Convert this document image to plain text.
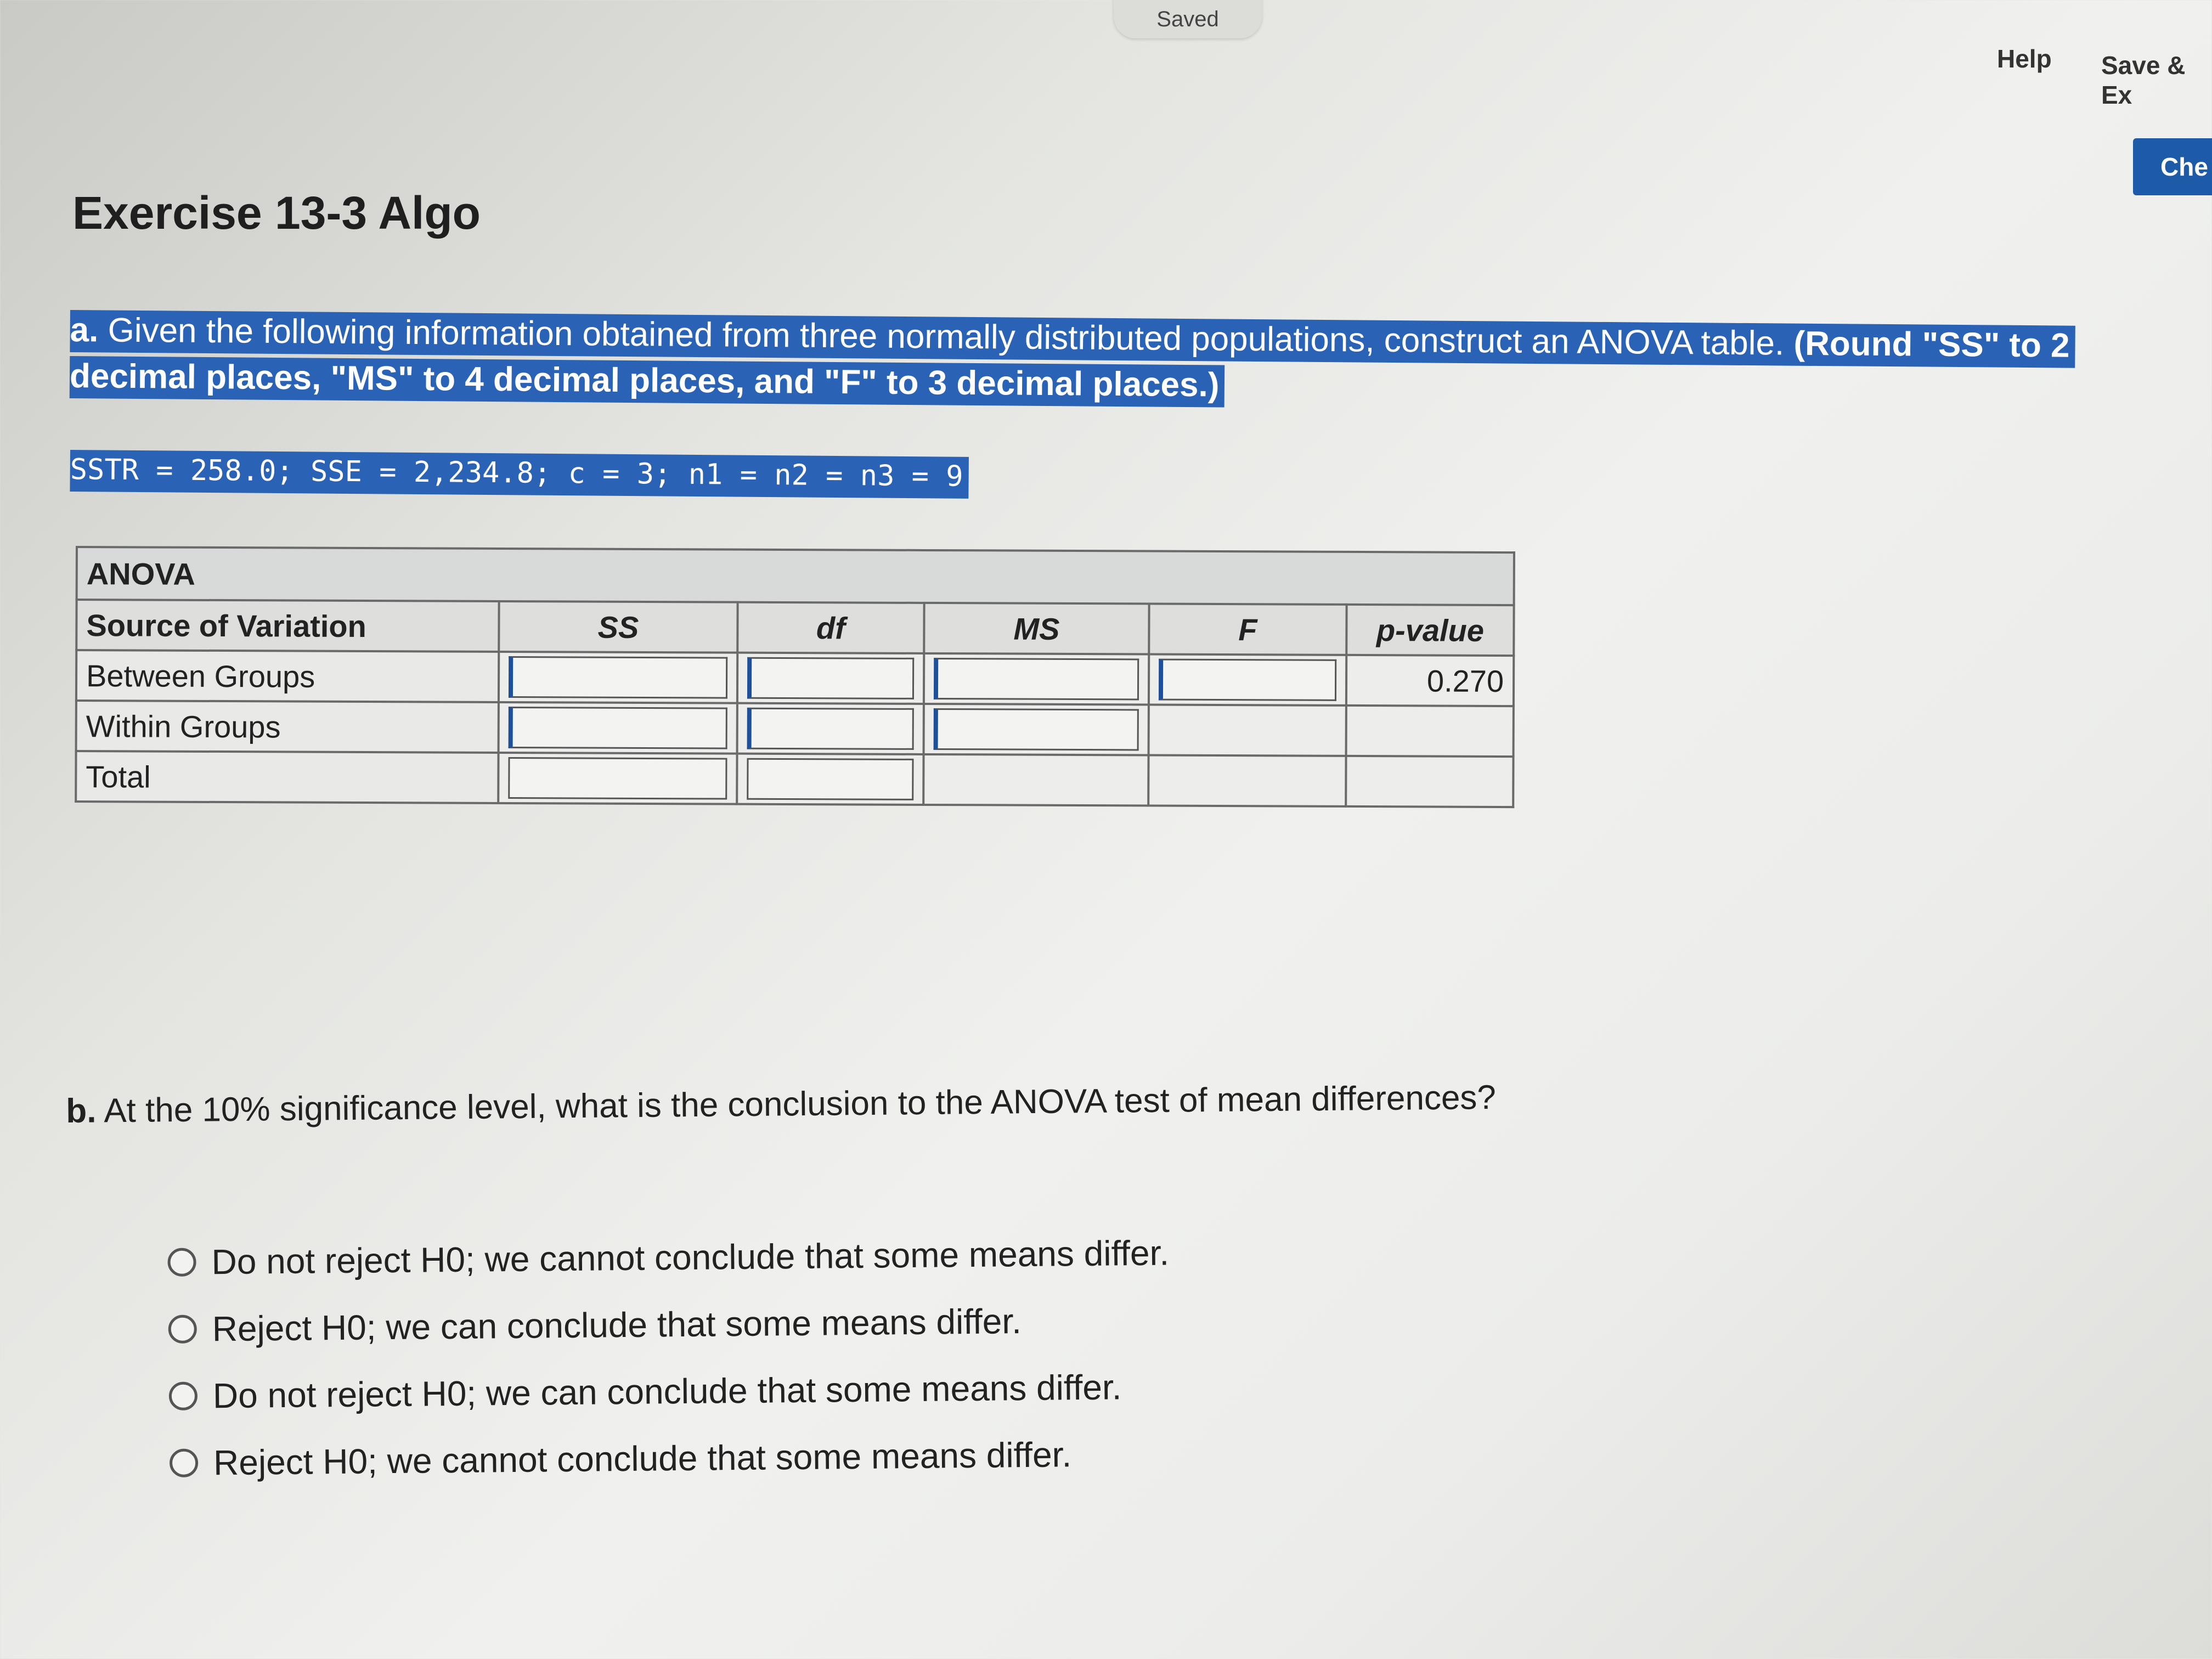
Saved
Help Save & Ex
Che
Exercise 13-3 Algo
a. Given the following information obtained from three normally distributed populations, construct an ANOVA table. (Round "SS" to 2 decimal places, "MS" to 4 decimal places, and "F" to 3 decimal places.)
SSTR = 258.0; SSE = 2,234.8; c = 3; n1 = n2 = n3 = 9
ANOVA					
Source of Variation	SS	df	MS	F	p-value
Between Groups					0.270
Within Groups					
Total					

b. At the 10% significance level, what is the conclusion to the ANOVA test of mean differences?

Do not reject H0; we cannot conclude that some means differ.
Reject H0; we can conclude that some means differ.
Do not reject H0; we can conclude that some means differ.
Reject H0; we cannot conclude that some means differ.
